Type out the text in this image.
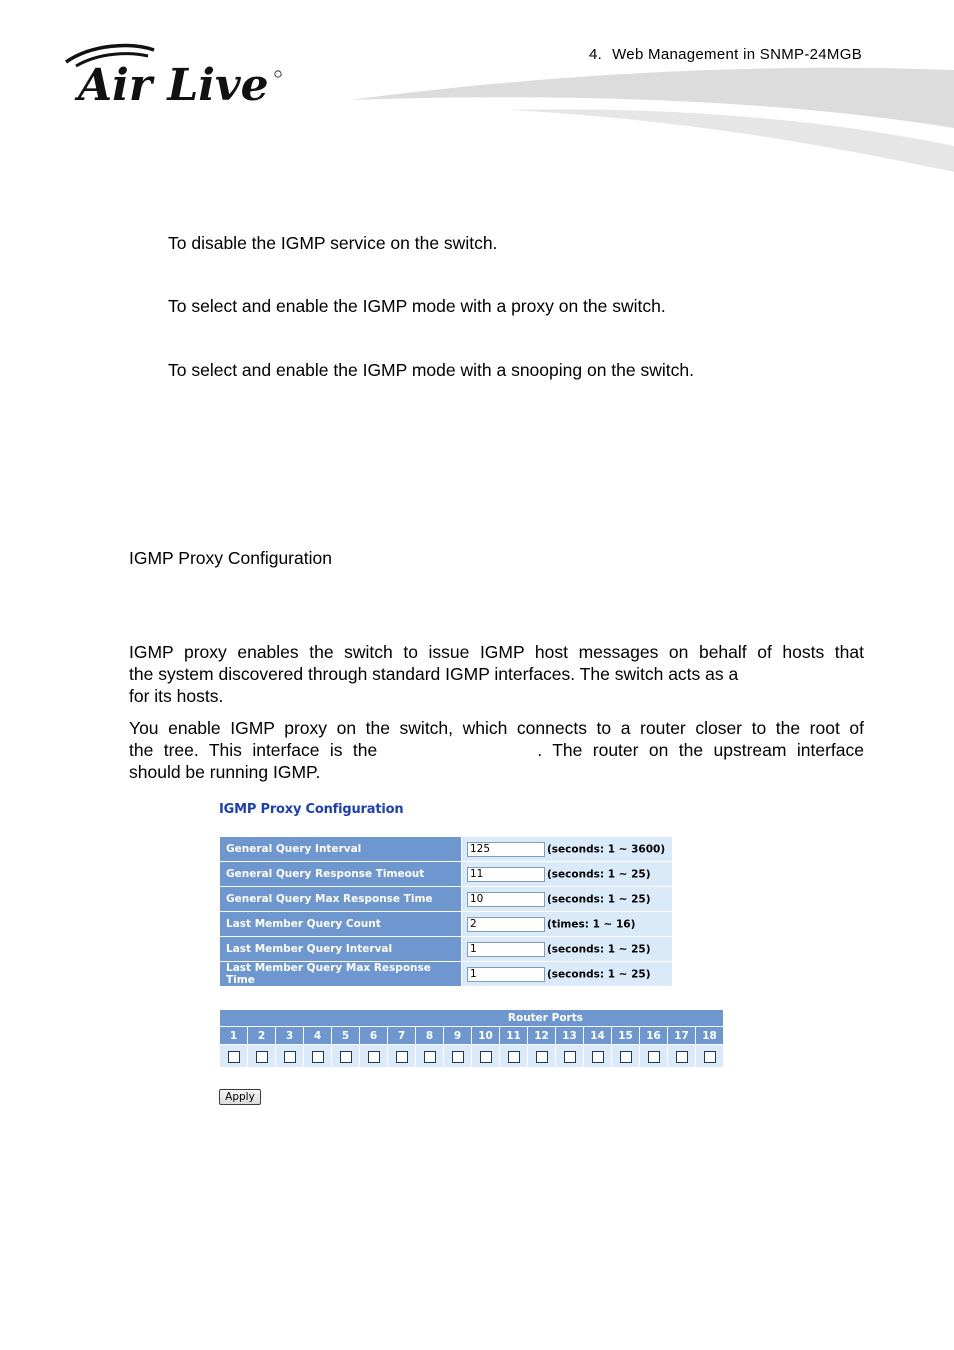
Air Live
4. Web Management in SNMP-24MGB
To disable the IGMP service on the switch.
To select and enable the IGMP mode with a proxy on the switch.
To select and enable the IGMP mode with a snooping on the switch.
IGMP Proxy Configuration
IGMP proxy enables the switch to issue IGMP host messages on behalf of hosts that
the system discovered through standard IGMP interfaces. The switch acts as a
for its hosts.
You enable IGMP proxy on the switch, which connects to a router closer to the root of
the tree. This interface is the	. The router on the upstream interface
should be running IGMP.
IGMP Proxy Configuration
General Query Interval	125(seconds: 1 ~ 3600)
General Query Response Timeout	11(seconds: 1 ~ 25)
General Query Max Response Time	10(seconds: 1 ~ 25)
Last Member Query Count	2(times: 1 ~ 16)
Last Member Query Interval	1(seconds: 1 ~ 25)
Last Member Query Max Response Time	1(seconds: 1 ~ 25)
Router Ports																	
1	2	3	4	5	6	7	8	9	10	11	12	13	14	15	16	17	18

Apply
